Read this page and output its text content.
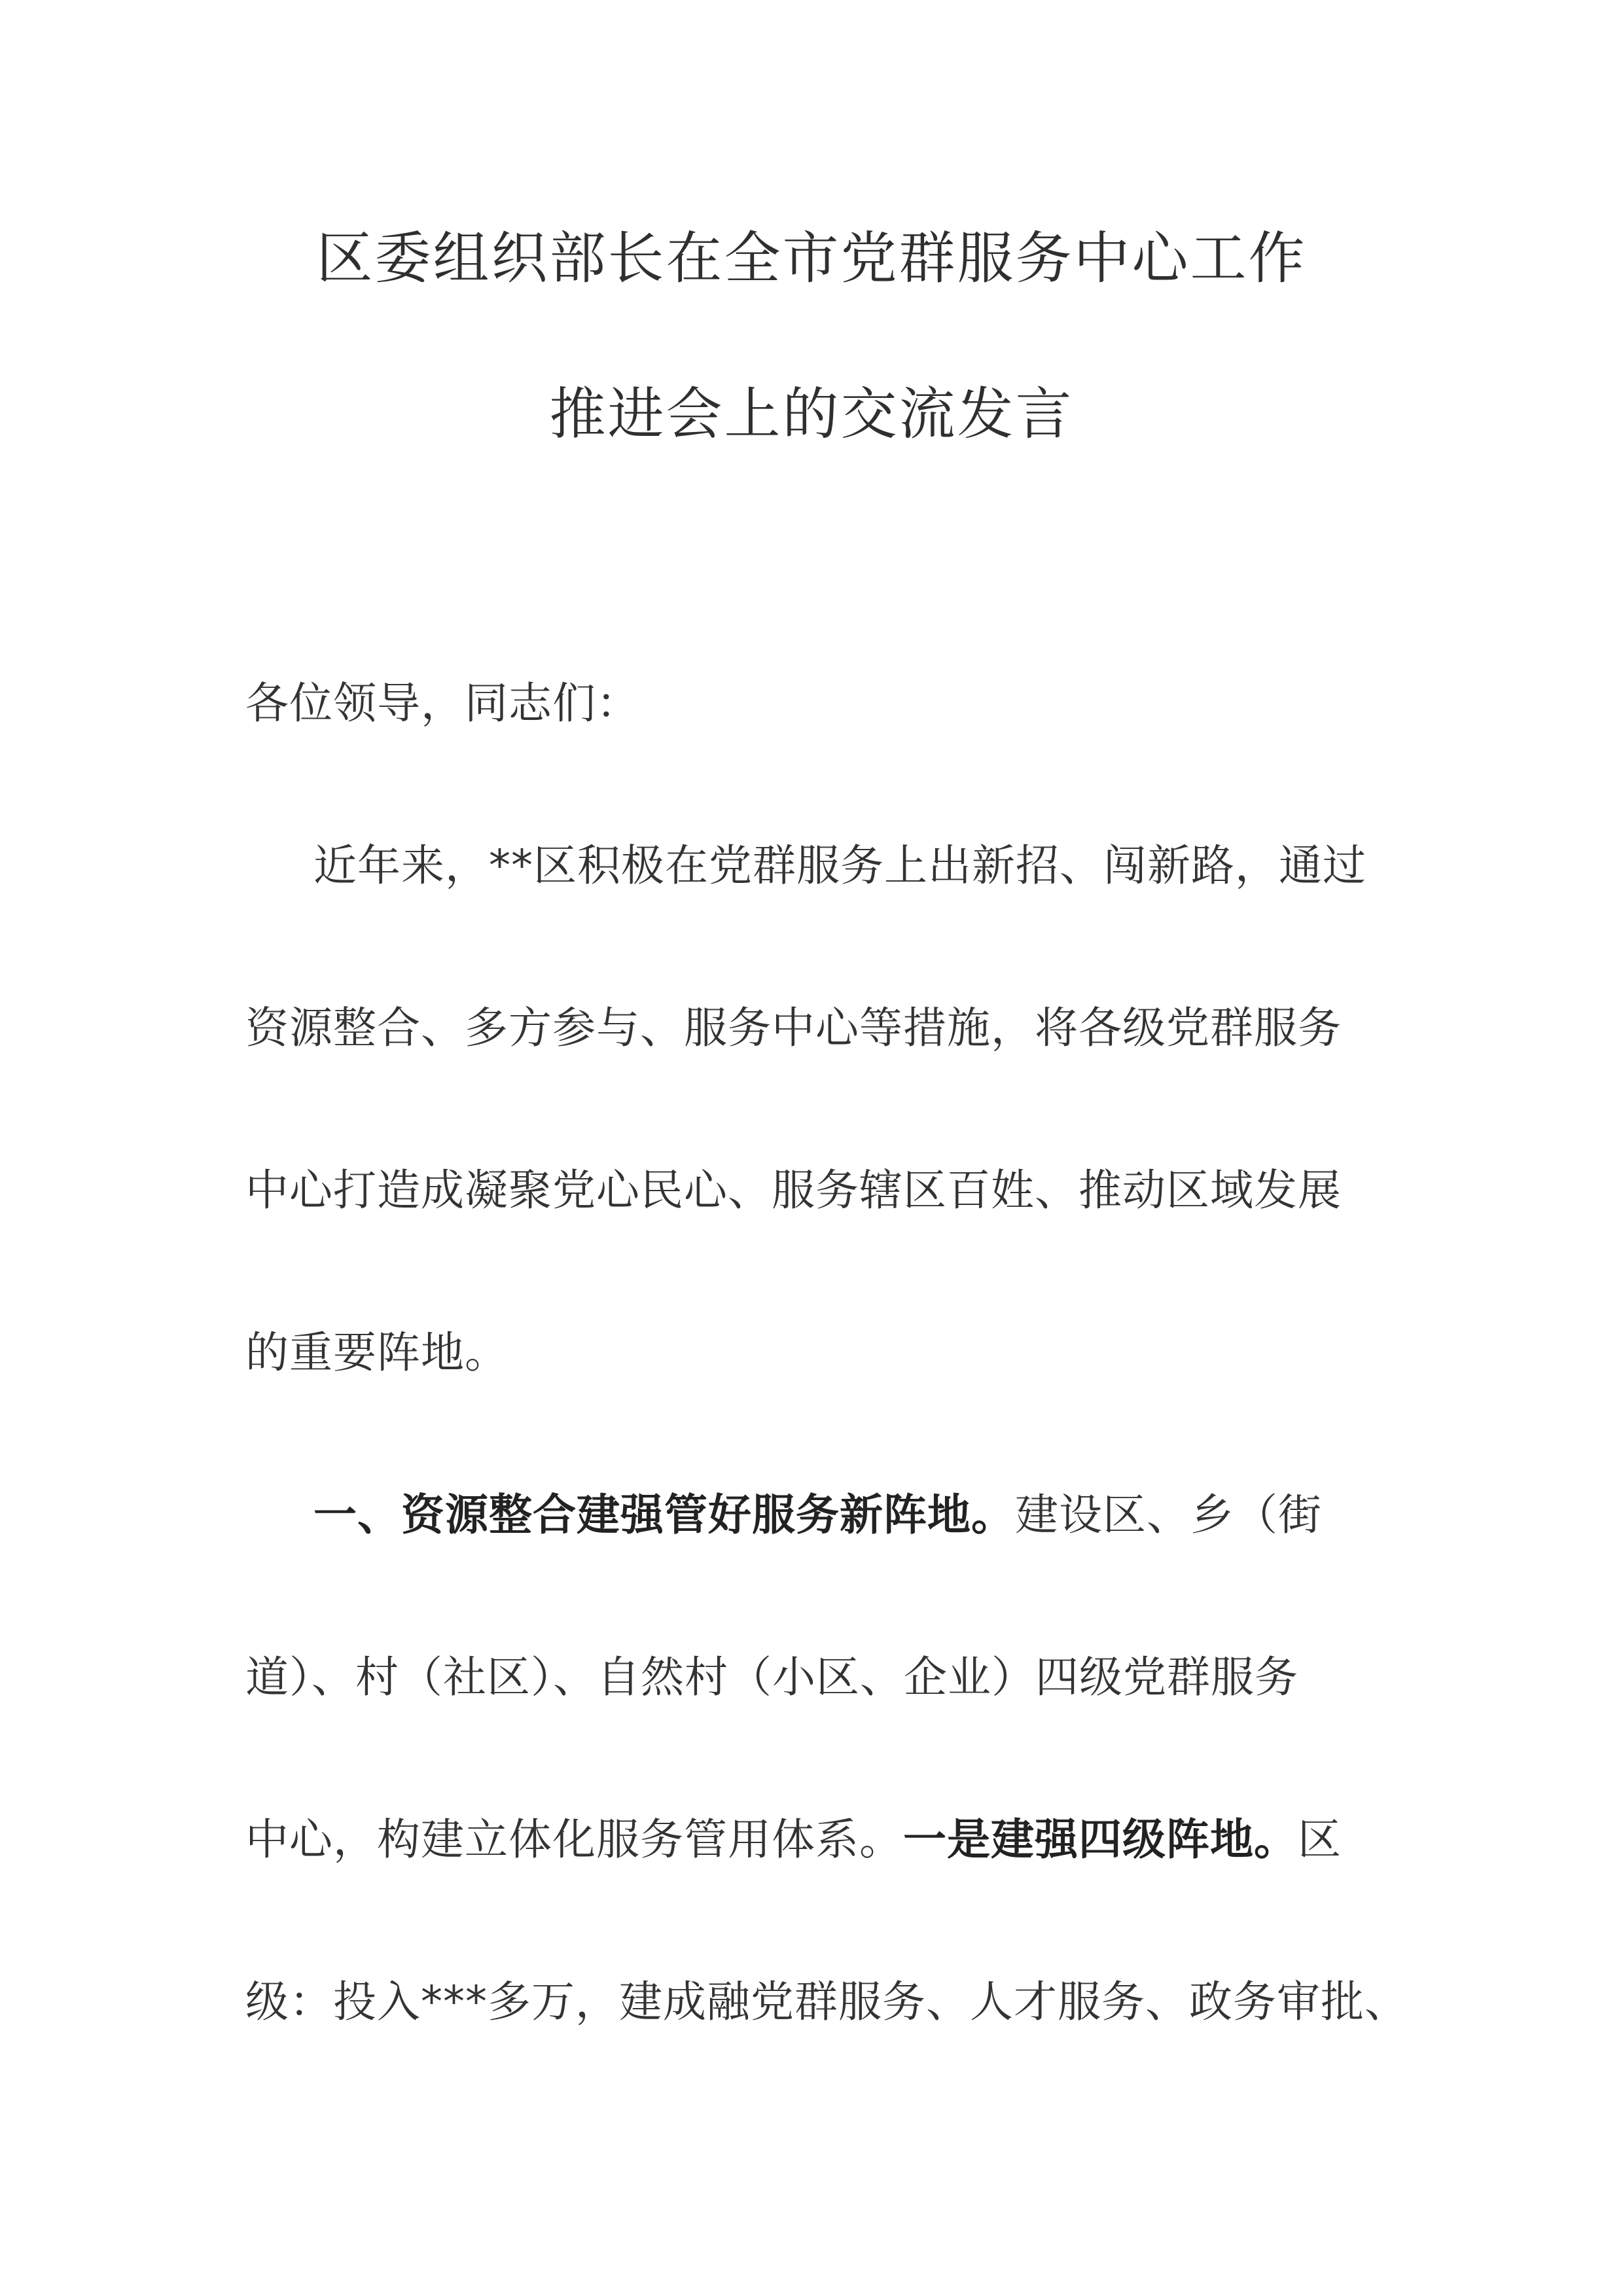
区委组织部长在全市党群服务中心工作
推进会上的交流发言
各位领导，同志们：
近年来，**区积极在党群服务上出新招、闯新路，通过
资源整合、多方参与、服务中心等措施，将各级党群服务
中心打造成凝聚党心民心、服务辖区百姓、推动区域发展
的重要阵地。
一、资源整合建强管好服务新阵地。建设区、乡（街
道）、村（社区）、自然村（小区、企业）四级党群服务
中心，构建立体化服务管用体系。一是建强四级阵地。区
级：投入***多万，建成融党群服务、人才服务、政务审批、
